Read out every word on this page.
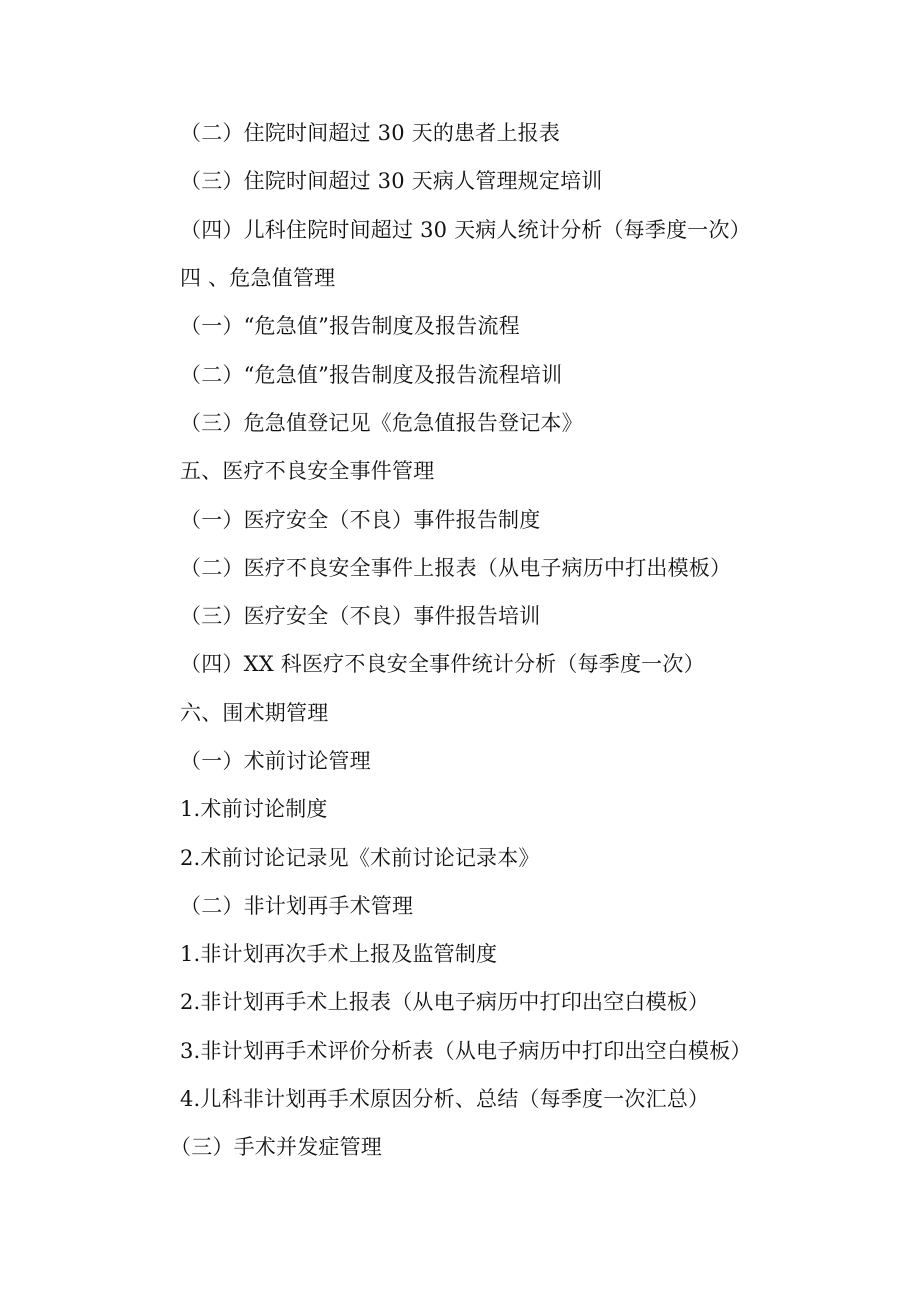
（二）住院时间超过 30 天的患者上报表
（三）住院时间超过 30 天病人管理规定培训
（四）儿科住院时间超过 30 天病人统计分析（每季度一次）
四 、危急值管理
（一）“危急值”报告制度及报告流程
（二）“危急值”报告制度及报告流程培训
（三）危急值登记见《危急值报告登记本》
五、医疗不良安全事件管理
（一）医疗安全（不良）事件报告制度
（二）医疗不良安全事件上报表（从电子病历中打出模板）
（三）医疗安全（不良）事件报告培训
（四）XX 科医疗不良安全事件统计分析（每季度一次）
六、围术期管理
（一）术前讨论管理
1.术前讨论制度
2.术前讨论记录见《术前讨论记录本》
（二）非计划再手术管理
1.非计划再次手术上报及监管制度
2.非计划再手术上报表（从电子病历中打印出空白模板）
3.非计划再手术评价分析表（从电子病历中打印出空白模板）
4.儿科非计划再手术原因分析、总结（每季度一次汇总）
（三）手术并发症管理
